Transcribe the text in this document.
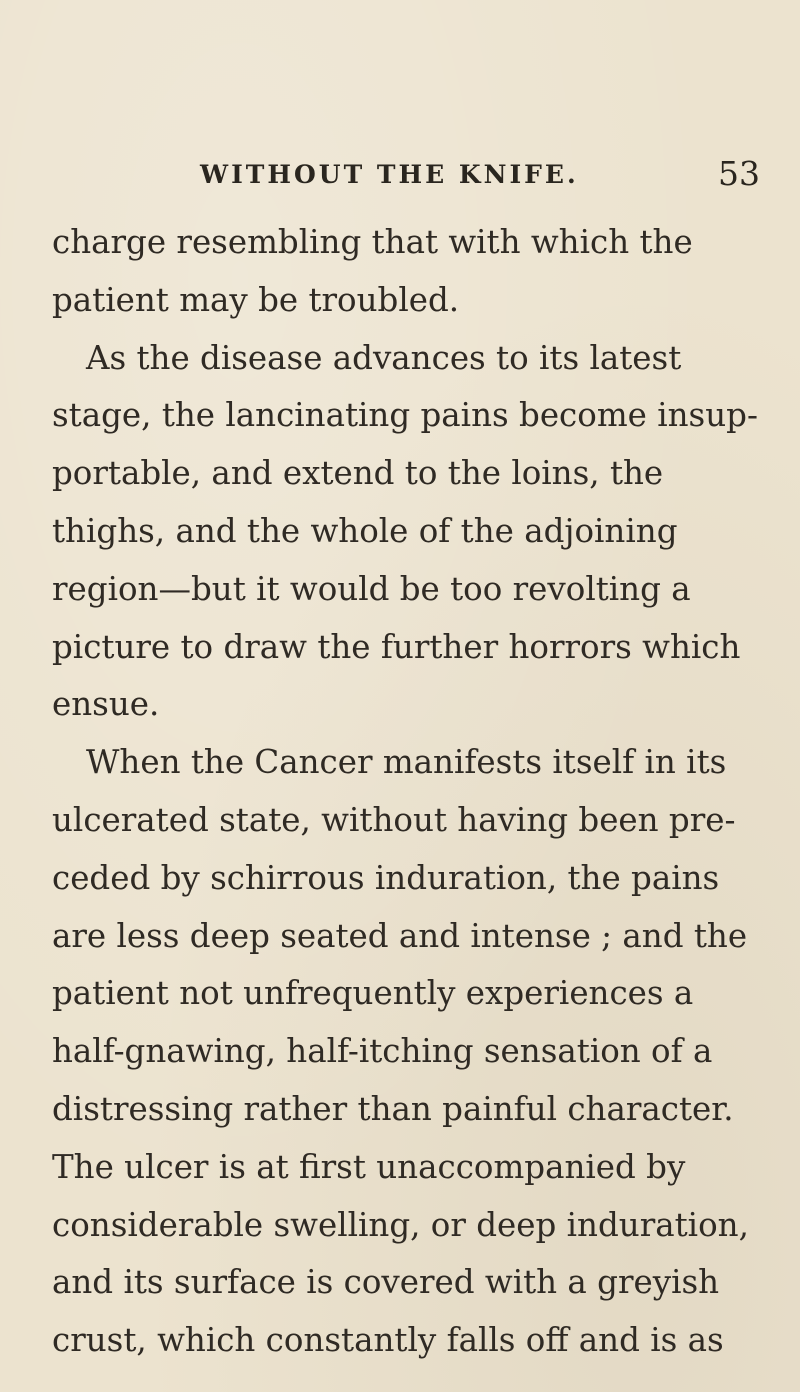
WITHOUT THE KNIFE.	53
charge resembling that with which the
patient may be troubled.
As the disease advances to its latest
stage, the lancinating pains become insup-
portable, and extend to the loins, the
thighs, and the whole of the adjoining
region—but it would be too revolting a
picture to draw the further horrors which
ensue.
When the Cancer manifests itself in its
ulcerated state, without having been pre-
ceded by schirrous induration, the pains
are less deep seated and intense ; and the
patient not unfrequently experiences a
half-gnawing, half-itching sensation of a
distressing rather than painful character.
The ulcer is at first unaccompanied by
considerable swelling, or deep induration,
and its surface is covered with a greyish
crust, which constantly falls off and is as
